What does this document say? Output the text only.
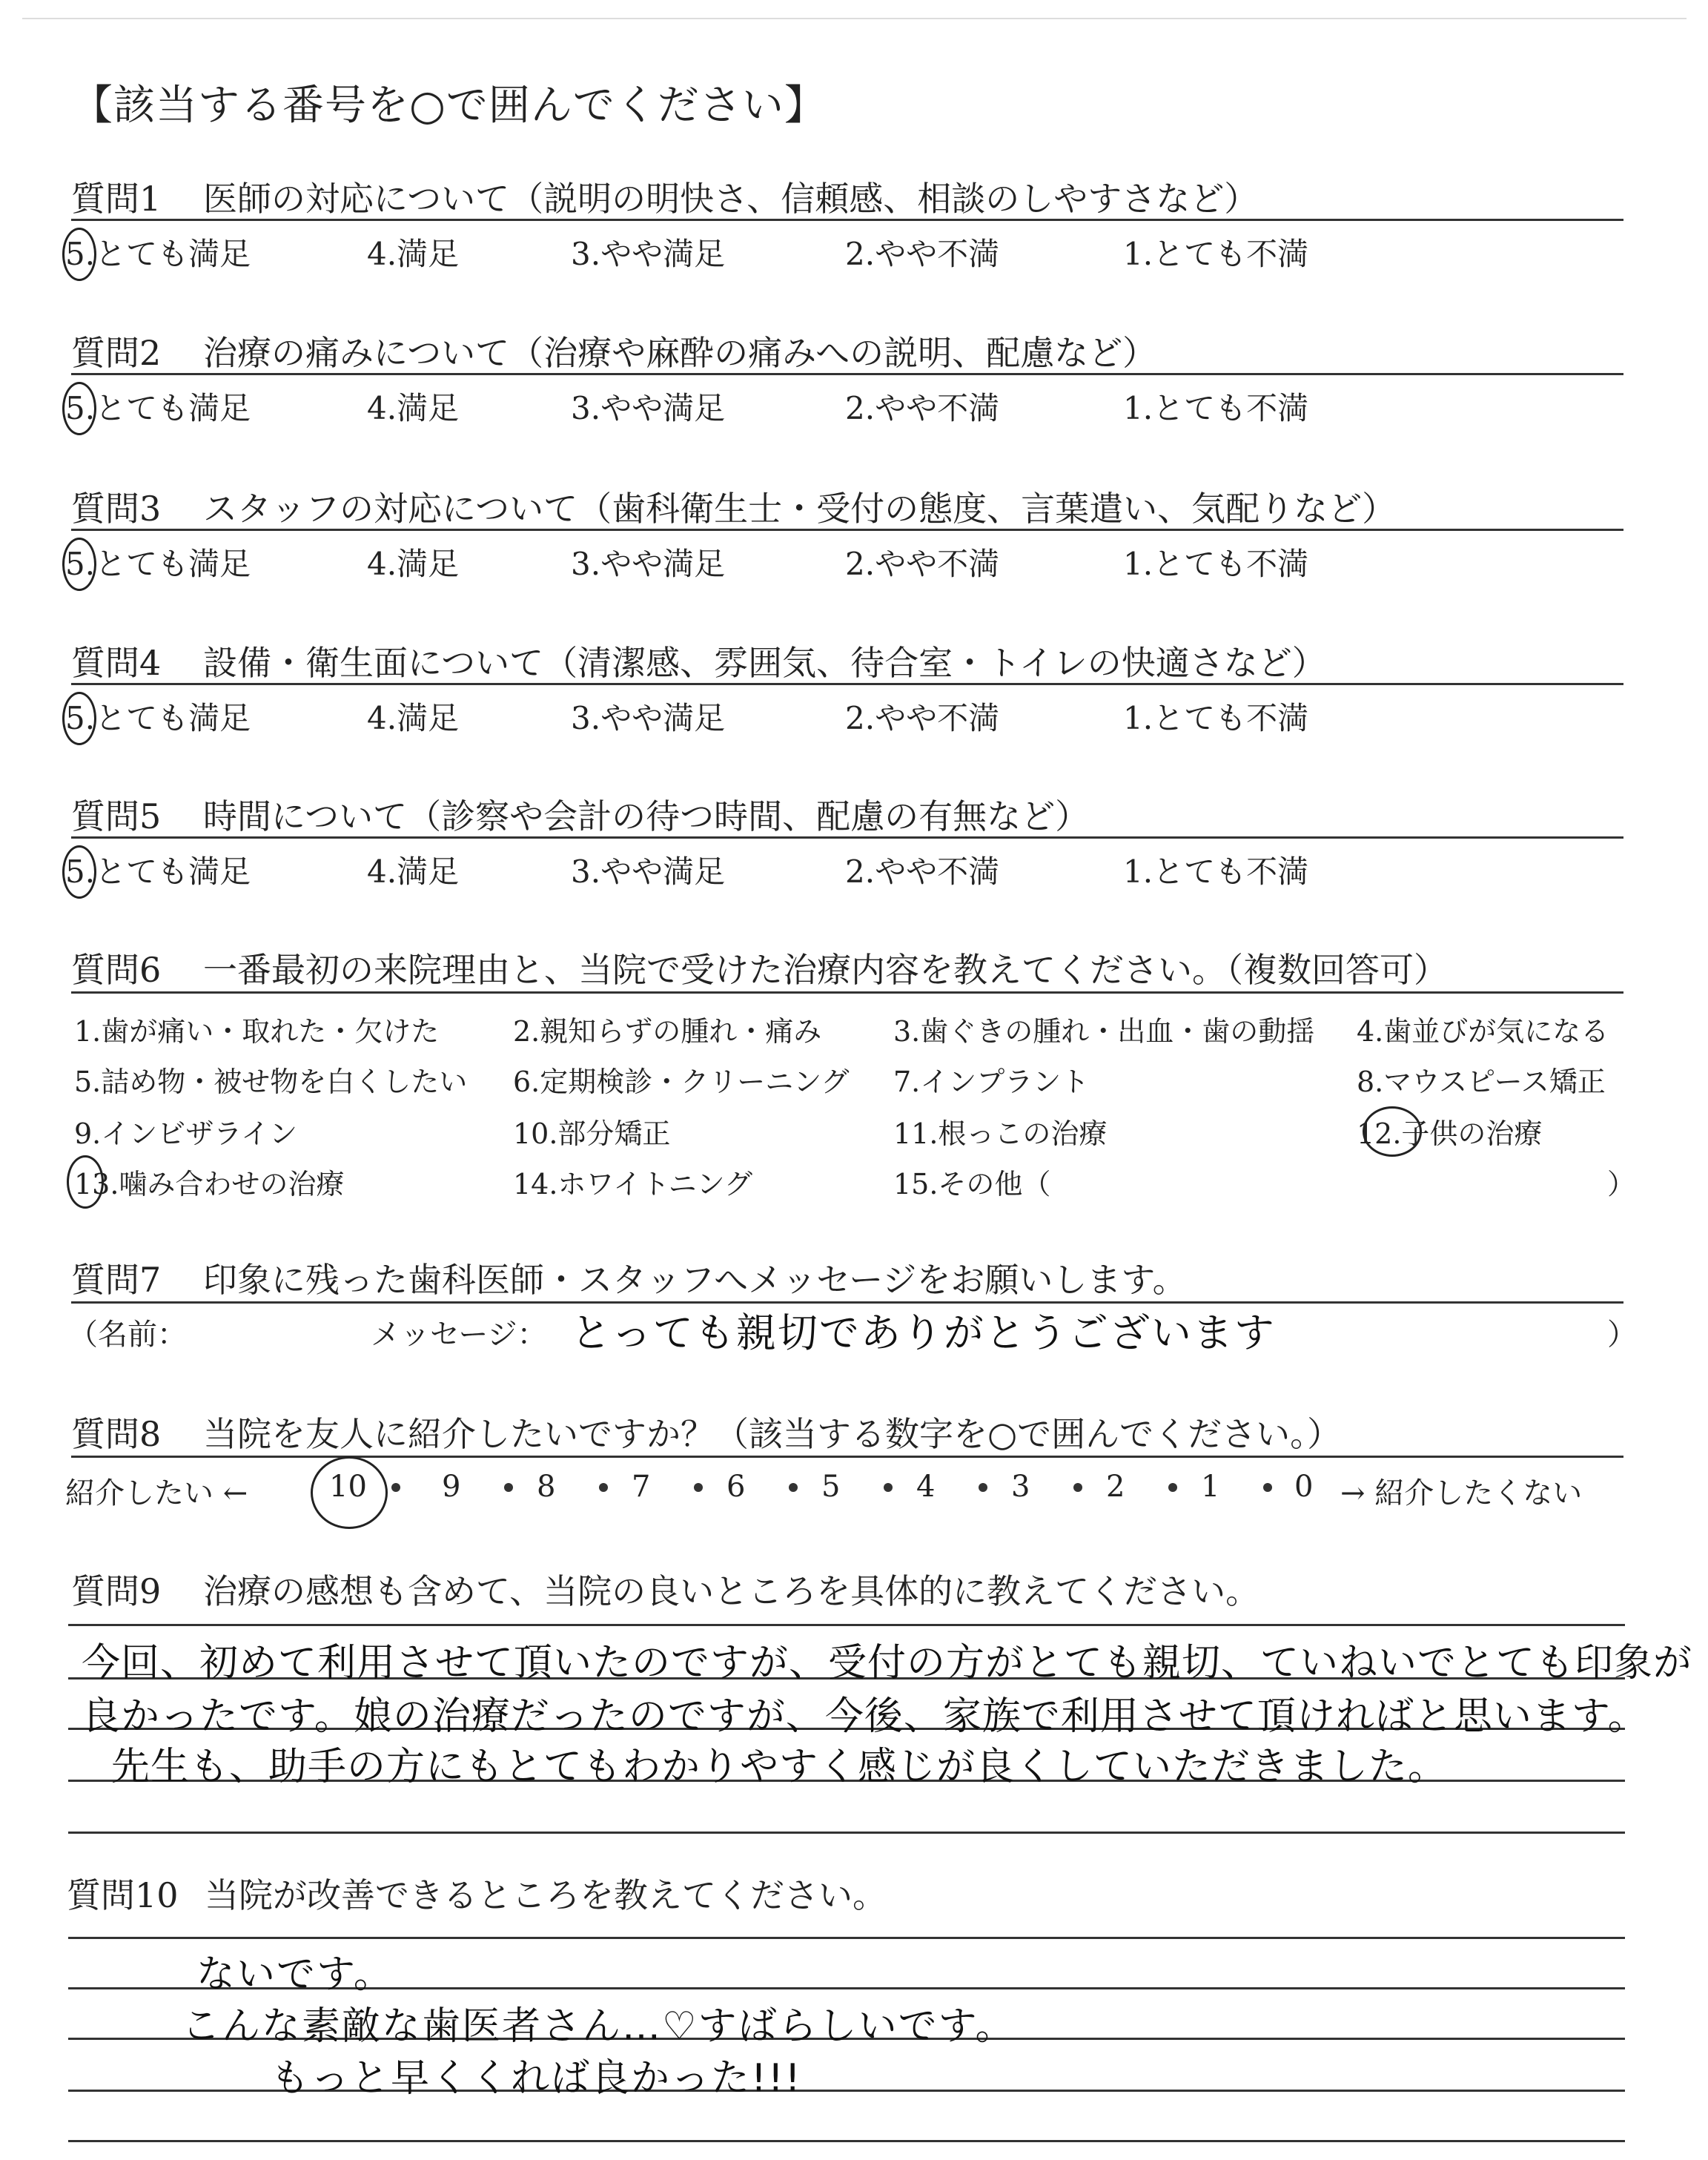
【該当する番号を○で囲んでください】
質問1 医師の対応について（説明の明快さ、信頼感、相談のしやすさなど）
5.とても満足	4.満足	3.やや満足	2.やや不満	1.とても不満
質問2 治療の痛みについて（治療や麻酔の痛みへの説明、配慮など）
5.とても満足	4.満足	3.やや満足	2.やや不満	1.とても不満
質問3 スタッフの対応について（歯科衛生士・受付の態度、言葉遣い、気配りなど）
5.とても満足	4.満足	3.やや満足	2.やや不満	1.とても不満
質問4 設備・衛生面について（清潔感、雰囲気、待合室・トイレの快適さなど）
5.とても満足	4.満足	3.やや満足	2.やや不満	1.とても不満
質問5 時間について（診察や会計の待つ時間、配慮の有無など）
5.とても満足	4.満足	3.やや満足	2.やや不満	1.とても不満
質問6 一番最初の来院理由と、当院で受けた治療内容を教えてください。（複数回答可）
1.歯が痛い・取れた・欠けた	2.親知らずの腫れ・痛み	3.歯ぐきの腫れ・出血・歯の動揺 4.歯並びが気になる
5.詰め物・被せ物を白くしたい 6.定期検診・クリーニング 7.インプラント	8.マウスピース矯正
9.インビザライン	10.部分矯正	11.根っこの治療	12.子供の治療
13.噛み合わせの治療	14.ホワイトニング	15.その他（	）
質問7 印象に残った歯科医師・スタッフへメッセージをお願いします。
（名前：	メッセージ： とっても親切でありがとうございます	）
質問8 当院を友人に紹介したいですか？（該当する数字を○で囲んでください。）
紹介したい ←	→ 紹介したくない
10	9	8	7	6	5	4	3	2	1	0
質問9 治療の感想も含めて、当院の良いところを具体的に教えてください。
今回、初めて利用させて頂いたのですが、受付の方がとても親切、ていねいでとても印象が
良かったです。娘の治療だったのですが、今後、家族で利用させて頂ければと思います。
先生も、助手の方にもとてもわかりやすく感じが良くしていただきました。
質問10 当院が改善できるところを教えてください。
ないです。
こんな素敵な歯医者さん…♡すばらしいです。
もっと早くくれば良かった!!!
